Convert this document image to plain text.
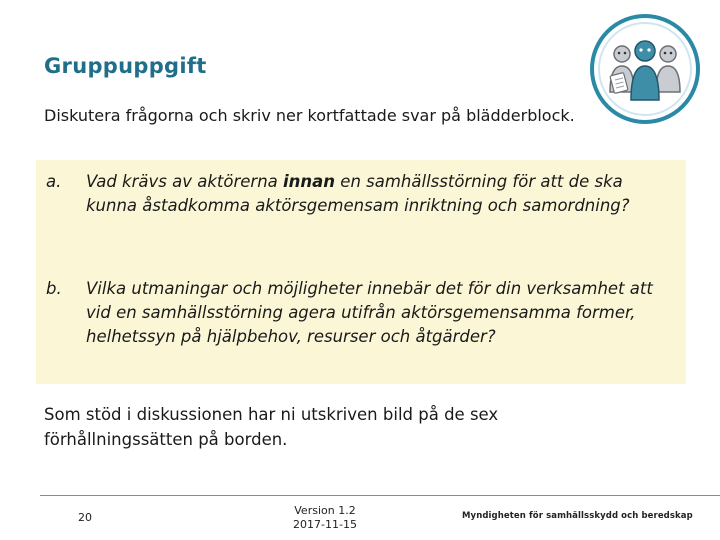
Gruppuppgift
Diskutera frågorna och skriv ner kortfattade svar på blädderblock.
a.	Vad krävs av aktörerna innan en samhällsstörning för att de ska kunna åstadkomma aktörsgemensam inriktning och samordning?
b.	Vilka utmaningar och möjligheter innebär det för din verksamhet att vid en samhällsstörning agera utifrån aktörsgemensamma former, helhetssyn på hjälpbehov, resurser och åtgärder?
Som stöd i diskussionen har ni utskriven bild på de sex förhållningssätten på borden.
20
Version 1.2
2017-11-15
Myndigheten för samhällsskydd och beredskap
